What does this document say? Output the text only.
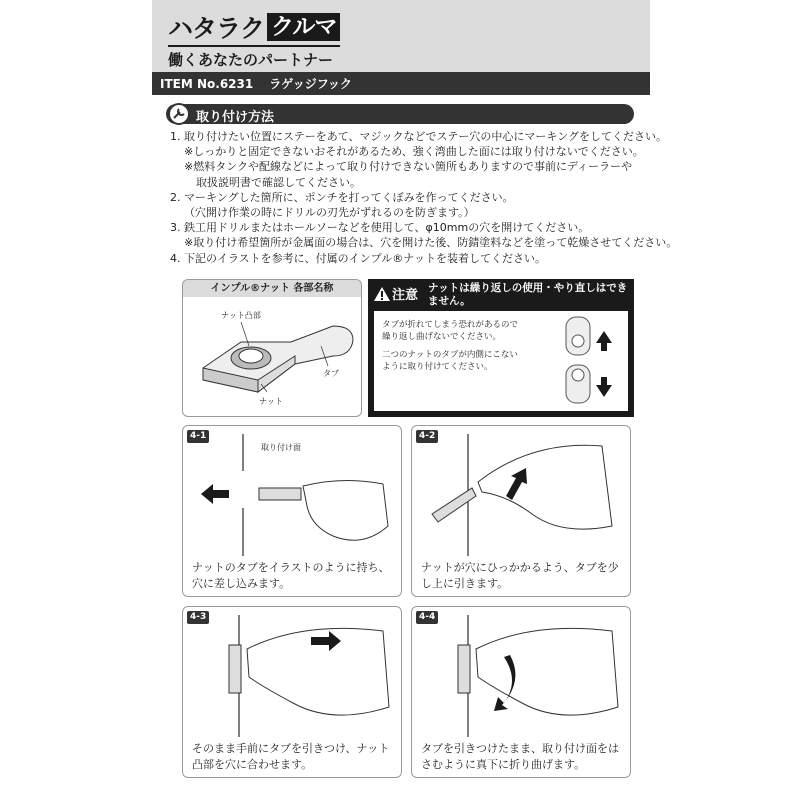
ハタラク クルマ
働くあなたのパートナー
ITEM No.6231 ラゲッジフック
取り付け方法

1. 取り付けたい位置にステーをあて、マジックなどでステー穴の中心にマーキングをしてください。

※しっかりと固定できないおそれがあるため、強く湾曲した面には取り付けないでください。

※燃料タンクや配線などによって取り付けできない箇所もありますので事前にディーラーや

取扱説明書で確認してください。

2. マーキングした箇所に、ポンチを打ってくぼみを作ってください。

（穴開け作業の時にドリルの刃先がずれるのを防ぎます。）

3. 鉄工用ドリルまたはホールソーなどを使用して、φ10mmの穴を開けてください。

※取り付け希望箇所が金属面の場合は、穴を開けた後、防錆塗料などを塗って乾燥させてください。

4. 下記のイラストを参考に、付属のインプル®ナットを装着してください。

インプル®ナット 各部名称
ナット凸部
タブ
ナット
注意 ナットは繰り返しの使用・やり直しはできません。
タブが折れてしまう恐れがあるので
繰り返し曲げないでください。
二つのナットのタブが内側にこない
ように取り付けてください。
4-1
取り付け面
ナットのタブをイラストのように持ち、穴に差し込みます。
4-2
ナットが穴にひっかかるよう、タブを少し上に引きます。
4-3
そのまま手前にタブを引きつけ、ナット凸部を穴に合わせます。
4-4
タブを引きつけたまま、取り付け面をはさむように真下に折り曲げます。
